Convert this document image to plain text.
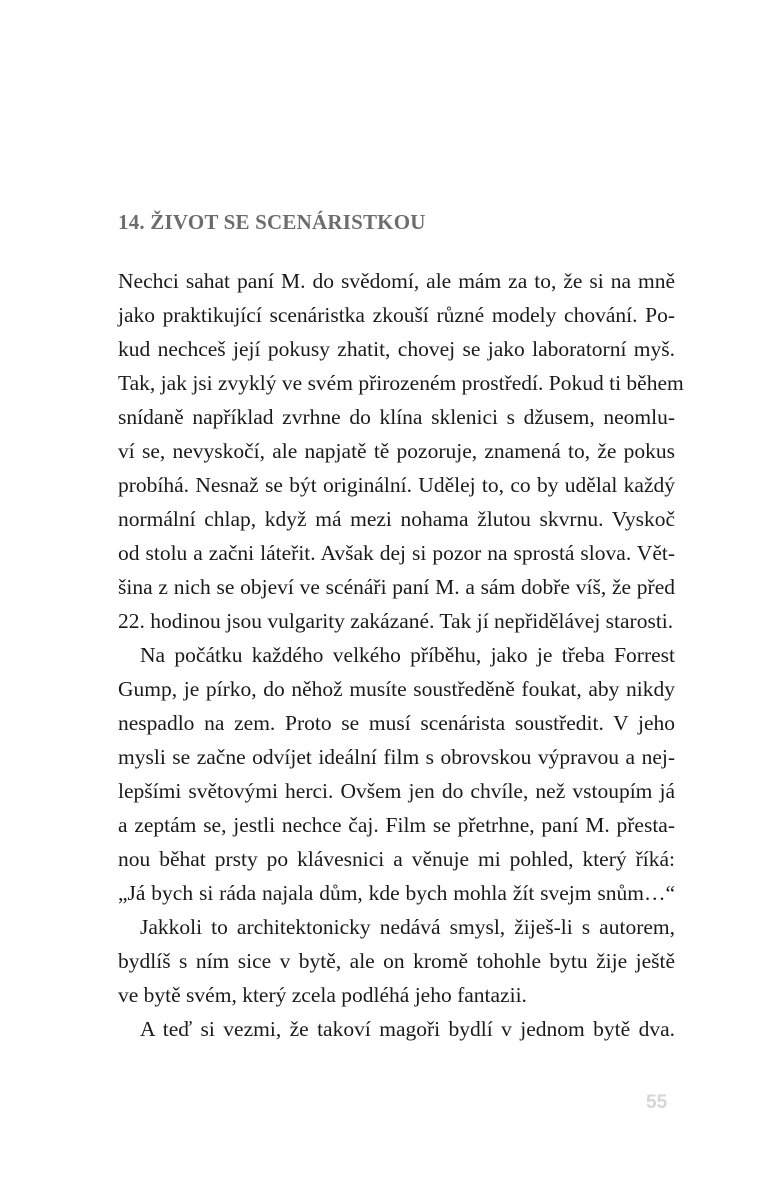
14. ŽIVOT SE SCENÁRISTKOU

Nechci sahat paní M. do svědomí, ale mám za to, že si na mně
jako praktikující scenáristka zkouší různé modely chování. Po-
kud nechceš její pokusy zhatit, chovej se jako laboratorní myš.
Tak, jak jsi zvyklý ve svém přirozeném prostředí. Pokud ti během
snídaně například zvrhne do klína sklenici s džusem, neomlu-
ví se, nevyskočí, ale napjatě tě pozoruje, znamená to, že pokus
probíhá. Nesnaž se být originální. Udělej to, co by udělal každý
normální chlap, když má mezi nohama žlutou skvrnu. Vyskoč
od stolu a začni láteřit. Avšak dej si pozor na sprostá slova. Vět-
šina z nich se objeví ve scénáři paní M. a sám dobře víš, že před
22. hodinou jsou vulgarity zakázané. Tak jí nepřidělávej starosti.

Na počátku každého velkého příběhu, jako je třeba Forrest
Gump, je pírko, do něhož musíte soustředěně foukat, aby nikdy
nespadlo na zem. Proto se musí scenárista soustředit. V jeho
mysli se začne odvíjet ideální film s obrovskou výpravou a nej-
lepšími světovými herci. Ovšem jen do chvíle, než vstoupím já
a zeptám se, jestli nechce čaj. Film se přetrhne, paní M. přesta-
nou běhat prsty po klávesnici a věnuje mi pohled, který říká:
„Já bych si ráda najala dům, kde bych mohla žít svejm snům…“

Jakkoli to architektonicky nedává smysl, žiješ-li s autorem,
bydlíš s ním sice v bytě, ale on kromě tohohle bytu žije ještě
ve bytě svém, který zcela podléhá jeho fantazii.

A teď si vezmi, že takoví magoři bydlí v jednom bytě dva.

55
